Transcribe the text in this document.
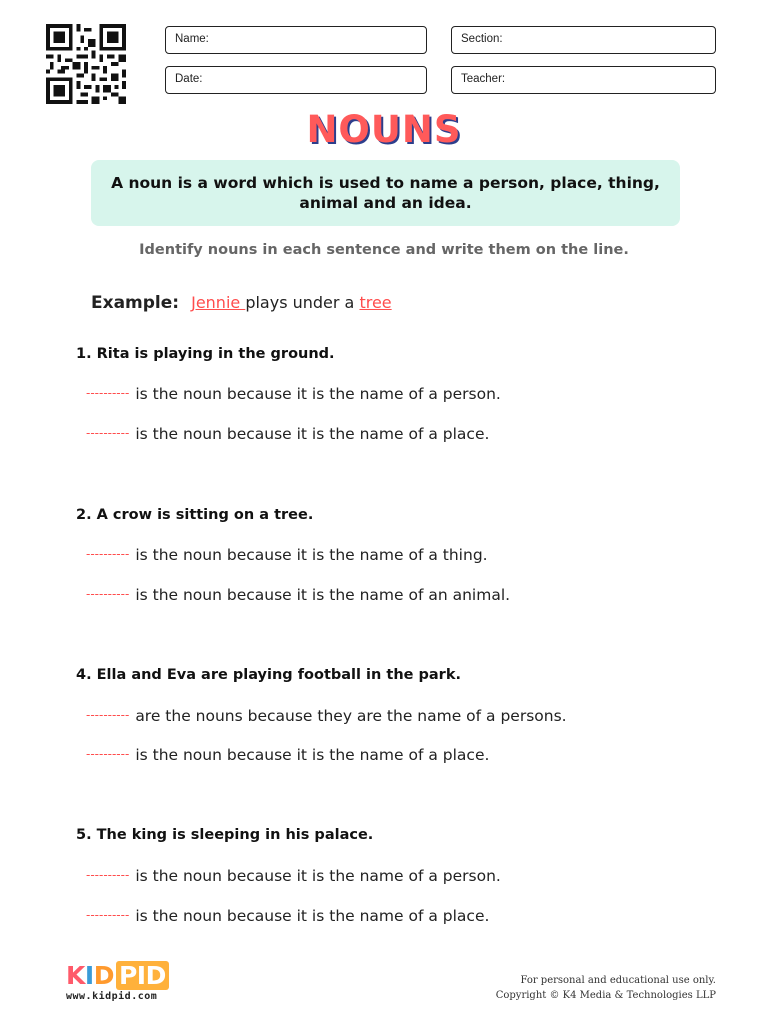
Name:	Section:
Date:	Teacher:
NOUNS
A noun is a word which is used to name a person, place, thing, animal and an idea.
Identify nouns in each sentence and write them on the line.
Example: Jennie plays under a tree
1. Rita is playing in the ground.
---------- is the noun because it is the name of a person.
---------- is the noun because it is the name of a place.
2. A crow is sitting on a tree.
---------- is the noun because it is the name of a thing.
---------- is the noun because it is the name of an animal.
4. Ella and Eva are playing football in the park.
---------- are the nouns because they are the name of a persons.
---------- is the noun because it is the name of a place.
5. The king is sleeping in his palace.
---------- is the noun because it is the name of a person.
---------- is the noun because it is the name of a place.
KID PID
www.kidpid.com
For personal and educational use only.
Copyright © K4 Media & Technologies LLP
